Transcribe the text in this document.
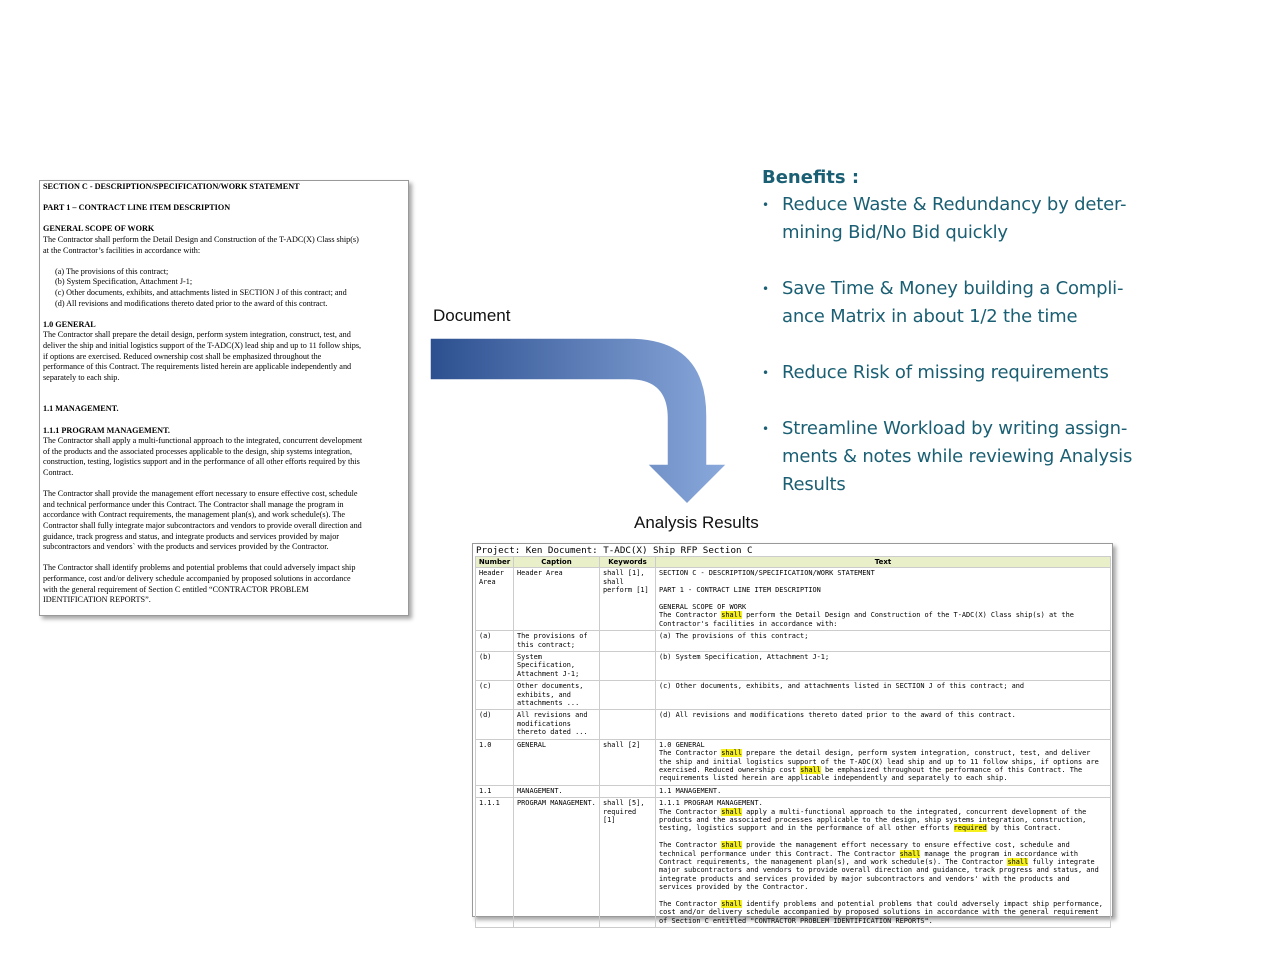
SECTION C - DESCRIPTION/SPECIFICATION/WORK STATEMENT

PART 1 – CONTRACT LINE ITEM DESCRIPTION

GENERAL SCOPE OF WORK

The Contractor shall perform the Detail Design and Construction of the T-ADC(X) Class ship(s)

at the Contractor’s facilities in accordance with:

(a) The provisions of this contract;

(b) System Specification, Attachment J-1;

(c) Other documents, exhibits, and attachments listed in SECTION J of this contract; and

(d) All revisions and modifications thereto dated prior to the award of this contract.

1.0 GENERAL

The Contractor shall prepare the detail design, perform system integration, construct, test, and

deliver the ship and initial logistics support of the T-ADC(X) lead ship and up to 11 follow ships,

if options are exercised. Reduced ownership cost shall be emphasized throughout the

performance of this Contract. The requirements listed herein are applicable independently and

separately to each ship.

1.1 MANAGEMENT.

1.1.1 PROGRAM MANAGEMENT.

The Contractor shall apply a multi-functional approach to the integrated, concurrent development

of the products and the associated processes applicable to the design, ship systems integration,

construction, testing, logistics support and in the performance of all other efforts required by this

Contract.

The Contractor shall provide the management effort necessary to ensure effective cost, schedule

and technical performance under this Contract. The Contractor shall manage the program in

accordance with Contract requirements, the management plan(s), and work schedule(s). The

Contractor shall fully integrate major subcontractors and vendors to provide overall direction and

guidance, track progress and status, and integrate products and services provided by major

subcontractors and vendors` with the products and services provided by the Contractor.

The Contractor shall identify problems and potential problems that could adversely impact ship

performance, cost and/or delivery schedule accompanied by proposed solutions in accordance

with the general requirement of Section C entitled “CONTRACTOR PROBLEM

IDENTIFICATION REPORTS”.

Document
Analysis Results
Benefits :
• Reduce Waste & Redundancy by deter-
mining Bid/No Bid quickly
• Save Time & Money building a Compli-
ance Matrix in about 1/2 the time
• Reduce Risk of missing requirements
• Streamline Workload by writing assign-
ments & notes while reviewing Analysis
Results
Project: Ken Document: T-ADC(X) Ship RFP Section C
Number	Caption	Keywords	Text
Header Area	Header Area	shall [1], shall perform [1]	SECTION C - DESCRIPTION/SPECIFICATION/WORK STATEMENT

PART 1 - CONTRACT LINE ITEM DESCRIPTION

GENERAL SCOPE OF WORK

The Contractor shall perform the Detail Design and Construction of the T-ADC(X) Class ship(s) at the Contractor's facilities in accordance with:

(a)	The provisions of this contract;		(a) The provisions of this contract;

(b)	System Specification, Attachment J-1;		(b) System Specification, Attachment J-1;

(c)	Other documents, exhibits, and attachments ...		(c) Other documents, exhibits, and attachments listed in SECTION J of this contract; and

(d)	All revisions and modifications thereto dated ...		(d) All revisions and modifications thereto dated prior to the award of this contract.

1.0	GENERAL	shall [2]	1.0 GENERAL

The Contractor shall prepare the detail design, perform system integration, construct, test, and deliver the ship and initial logistics support of the T-ADC(X) lead ship and up to 11 follow ships, if options are exercised. Reduced ownership cost shall be emphasized throughout the performance of this Contract. The requirements listed herein are applicable independently and separately to each ship.

1.1	MANAGEMENT.		1.1 MANAGEMENT.

1.1.1	PROGRAM MANAGEMENT.	shall [5], required [1]	1.1.1 PROGRAM MANAGEMENT.

The Contractor shall apply a multi-functional approach to the integrated, concurrent development of the products and the associated processes applicable to the design, ship systems integration, construction, testing, logistics support and in the performance of all other efforts required by this Contract.

The Contractor shall provide the management effort necessary to ensure effective cost, schedule and technical performance under this Contract. The Contractor shall manage the program in accordance with Contract requirements, the management plan(s), and work schedule(s). The Contractor shall fully integrate major subcontractors and vendors to provide overall direction and guidance, track progress and status, and integrate products and services provided by major subcontractors and vendors' with the products and services provided by the Contractor.

The Contractor shall identify problems and potential problems that could adversely impact ship performance, cost and/or delivery schedule accompanied by proposed solutions in accordance with the general requirement of Section C entitled "CONTRACTOR PROBLEM IDENTIFICATION REPORTS".
